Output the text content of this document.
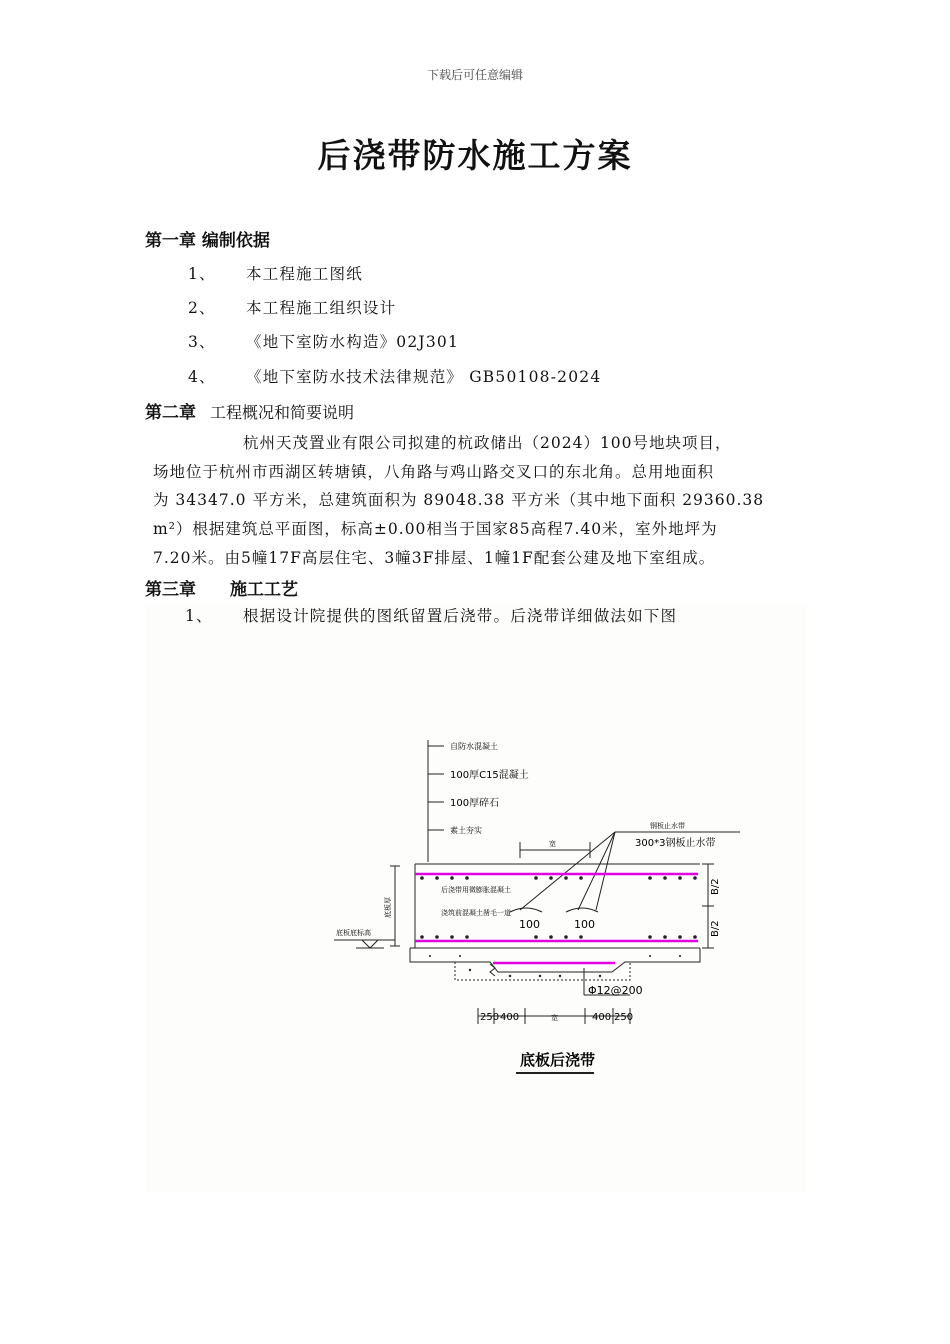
下载后可任意编辑
后浇带防水施工方案
第一章 编制依据
1、 本工程施工图纸
2、 本工程施工组织设计
3、 《地下室防水构造》02J301
4、 《地下室防水技术法律规范》 GB50108-2024
第二章 工程概况和简要说明
杭州天茂置业有限公司拟建的杭政储出（2024）100号地块项目，
场地位于杭州市西湖区转塘镇，八角路与鸡山路交叉口的东北角。总用地面积
为 34347.0 平方米，总建筑面积为 89048.38 平方米（其中地下面积 29360.38
m²）根据建筑总平面图，标高±0.00相当于国家85高程7.40米，室外地坪为
7.20米。由5幢17F高层住宅、3幢3F排屋、1幢1F配套公建及地下室组成。
第三章　　施工工艺
1、 根据设计院提供的图纸留置后浇带。后浇带详细做法如下图
自防水混凝土
100厚C15混凝土
100厚碎石
素土夯实
宽
钢板止水带
300*3钢板止水带
后浇带用微膨胀混凝土
浇筑前混凝土凿毛一道
100	100
B/2
B/2
底板厚
底板底标高
Φ12@200
250 400	宽	400 250
底板后浇带
